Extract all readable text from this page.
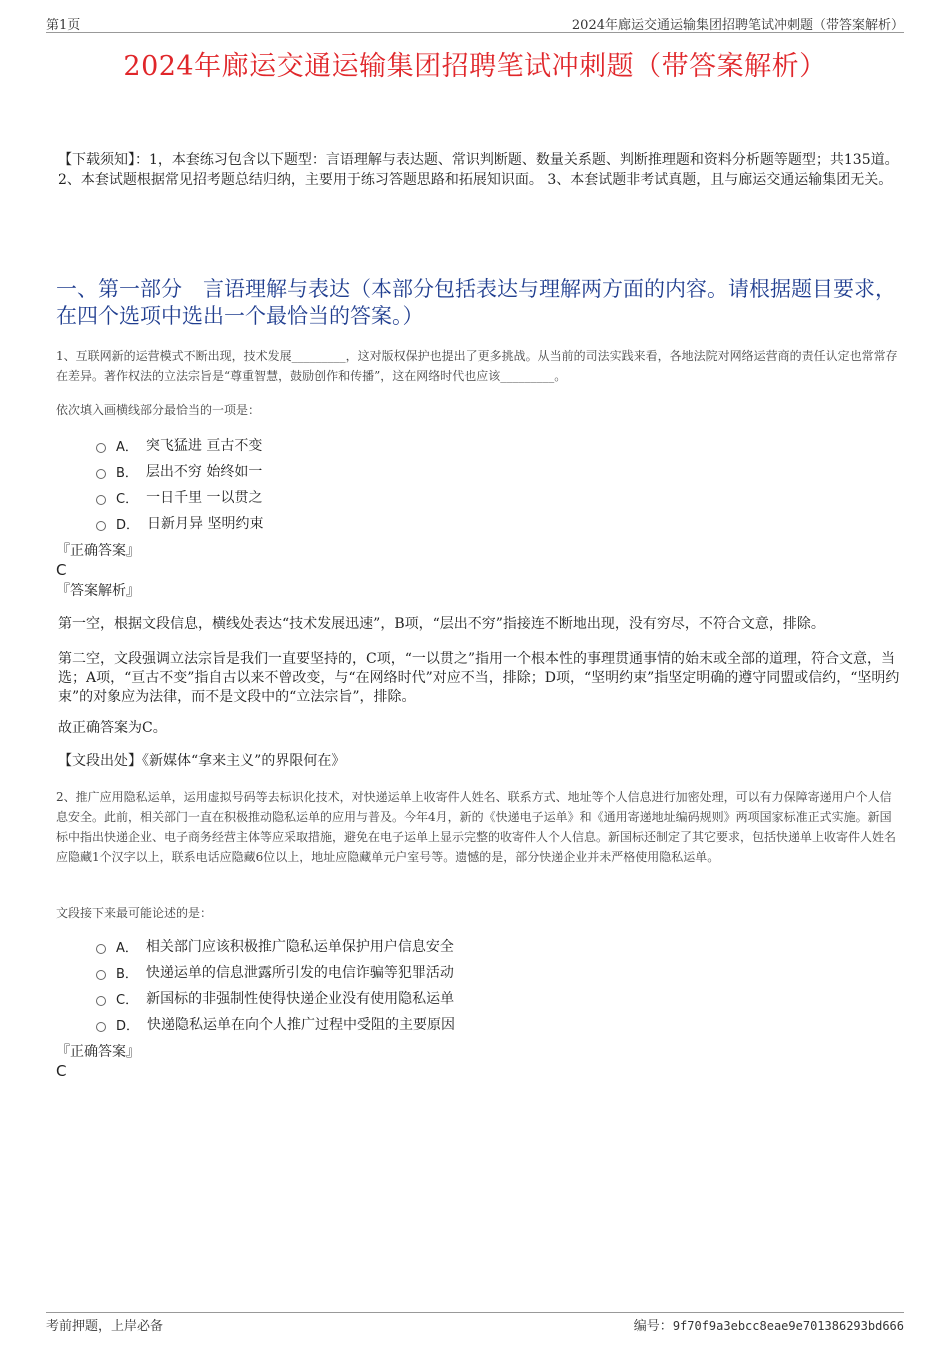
第1页	2024年廊运交通运输集团招聘笔试冲刺题（带答案解析）
2024年廊运交通运输集团招聘笔试冲刺题（带答案解析）
【下载须知】：1，本套练习包含以下题型：言语理解与表达题、常识判断题、数量关系题、判断推理题和资料分析题等题型；共135道。 2、本套试题根据常见招考题总结归纳，主要用于练习答题思路和拓展知识面。 3、本套试题非考试真题，且与廊运交通运输集团无关。
一、第一部分　言语理解与表达（本部分包括表达与理解两方面的内容。请根据题目要求，在四个选项中选出一个最恰当的答案。）
1、互联网新的运营模式不断出现，技术发展_________，这对版权保护也提出了更多挑战。从当前的司法实践来看，各地法院对网络运营商的责任认定也常常存在差异。著作权法的立法宗旨是“尊重智慧，鼓励创作和传播”，这在网络时代也应该_________。
依次填入画横线部分最恰当的一项是：
A． 突飞猛进 亘古不变
B． 层出不穷 始终如一
C． 一日千里 一以贯之
D． 日新月异 坚明约束
『正确答案』
C
『答案解析』
第一空，根据文段信息，横线处表达“技术发展迅速”，B项，“层出不穷”指接连不断地出现，没有穷尽，不符合文意，排除。
第二空，文段强调立法宗旨是我们一直要坚持的，C项，“一以贯之”指用一个根本性的事理贯通事情的始末或全部的道理，符合文意，当选；A项，“亘古不变”指自古以来不曾改变，与“在网络时代”对应不当，排除；D项，“坚明约束”指坚定明确的遵守同盟或信约，“坚明约束”的对象应为法律，而不是文段中的“立法宗旨”，排除。
故正确答案为C。
【文段出处】《新媒体“拿来主义”的界限何在》
2、推广应用隐私运单，运用虚拟号码等去标识化技术，对快递运单上收寄件人姓名、联系方式、地址等个人信息进行加密处理，可以有力保障寄递用户个人信息安全。此前，相关部门一直在积极推动隐私运单的应用与普及。今年4月，新的《快递电子运单》和《通用寄递地址编码规则》两项国家标准正式实施。新国标中指出快递企业、电子商务经营主体等应采取措施，避免在电子运单上显示完整的收寄件人个人信息。新国标还制定了其它要求，包括快递单上收寄件人姓名应隐藏1个汉字以上，联系电话应隐藏6位以上，地址应隐藏单元户室号等。遗憾的是，部分快递企业并未严格使用隐私运单。
文段接下来最可能论述的是：
A． 相关部门应该积极推广隐私运单保护用户信息安全
B． 快递运单的信息泄露所引发的电信诈骗等犯罪活动
C． 新国标的非强制性使得快递企业没有使用隐私运单
D． 快递隐私运单在向个人推广过程中受阻的主要原因
『正确答案』
C
考前押题，上岸必备	编号：9f70f9a3ebcc8eae9e701386293bd666
